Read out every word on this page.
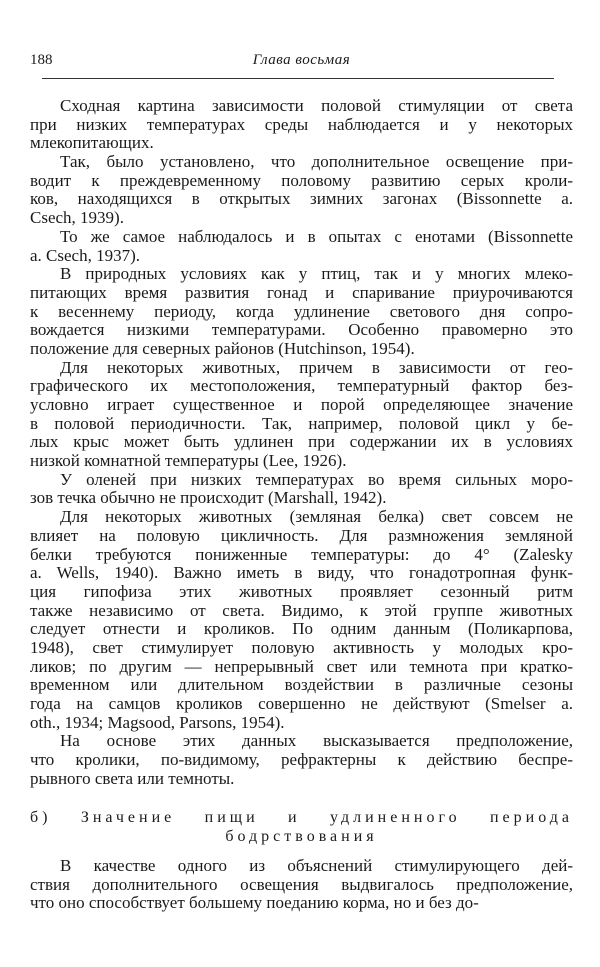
188	Глава восьмая
Сходная картина зависимости половой стимуляции от света
при низких температурах среды наблюдается и у некоторых
млекопитающих.
Так, было установлено, что дополнительное освещение при-
водит к преждевременному половому развитию серых кроли-
ков, находящихся в открытых зимних загонах (Bissonnette a.
Csech, 1939).
То же самое наблюдалось и в опытах с енотами (Bissonnette
a. Csech, 1937).
В природных условиях как у птиц, так и у многих млеко-
питающих время развития гонад и спаривание приурочиваются
к весеннему периоду, когда удлинение светового дня сопро-
вождается низкими температурами. Особенно правомерно это
положение для северных районов (Hutchinson, 1954).
Для некоторых животных, причем в зависимости от гео-
графического их местоположения, температурный фактор без-
условно играет существенное и порой определяющее значение
в половой периодичности. Так, например, половой цикл у бе-
лых крыс может быть удлинен при содержании их в условиях
низкой комнатной температуры (Lee, 1926).
У оленей при низких температурах во время сильных моро-
зов течка обычно не происходит (Marshall, 1942).
Для некоторых животных (земляная белка) свет совсем не
влияет на половую цикличность. Для размножения земляной
белки требуются пониженные температуры: до 4° (Zalesky
a. Wells, 1940). Важно иметь в виду, что гонадотропная функ-
ция гипофиза этих животных проявляет сезонный ритм
также независимо от света. Видимо, к этой группе животных
следует отнести и кроликов. По одним данным (Поликарпова,
1948), свет стимулирует половую активность у молодых кро-
ликов; по другим — непрерывный свет или темнота при кратко-
временном или длительном воздействии в различные сезоны
года на самцов кроликов совершенно не действуют (Smelser a.
oth., 1934; Magsood, Parsons, 1954).
На основе этих данных высказывается предположение,
что кролики, по-видимому, рефрактерны к действию беспре-
рывного света или темноты.
б) Значение пищи и удлиненного периода
бодрствования
В качестве одного из объяснений стимулирующего дей-
ствия дополнительного освещения выдвигалось предположение,
что оно способствует большему поеданию корма, но и без до-
